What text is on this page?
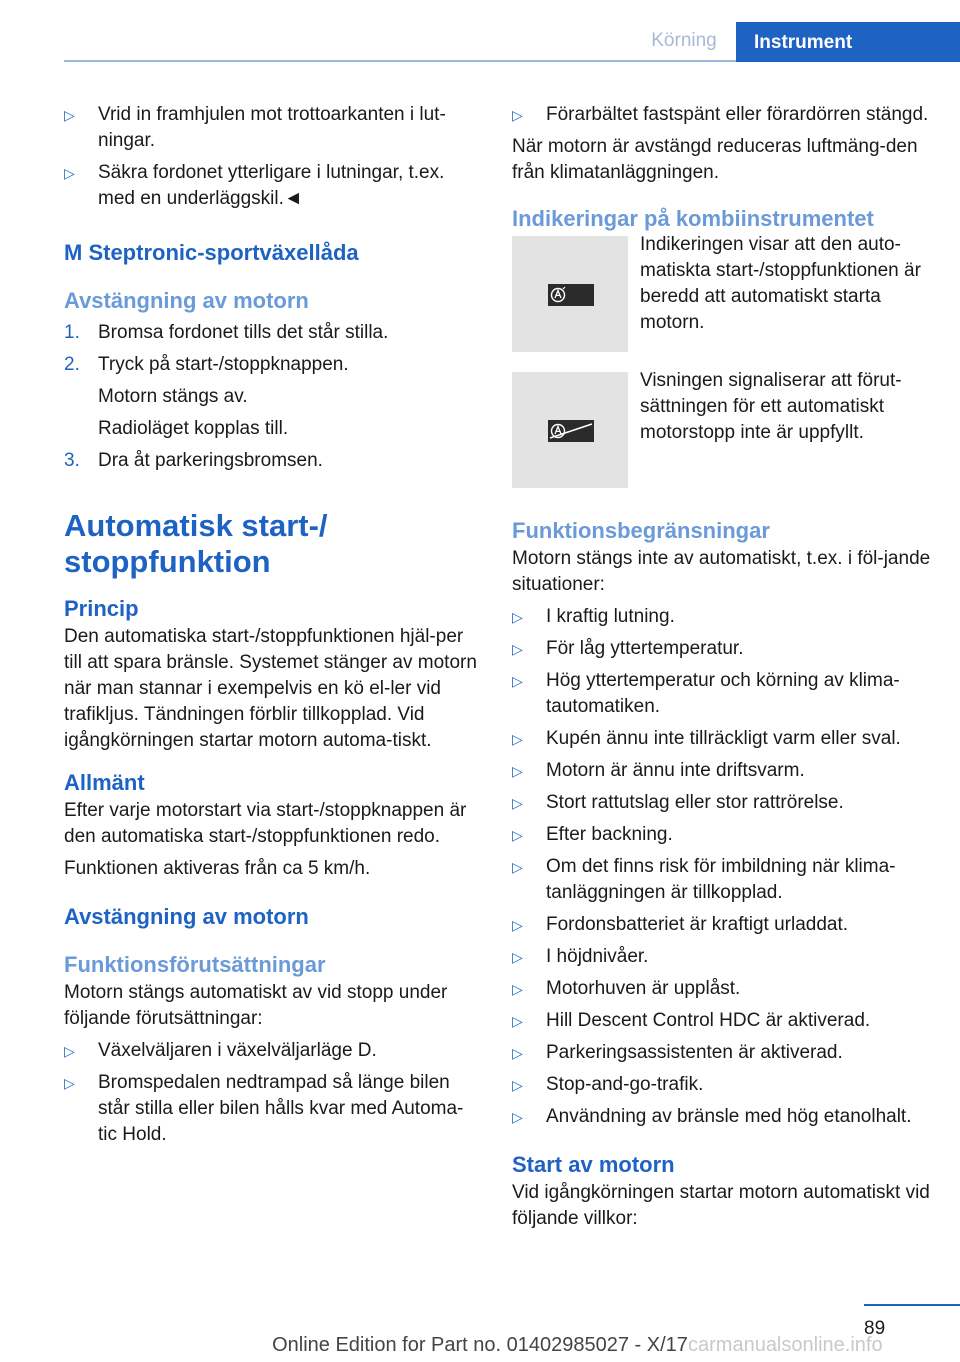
Körning	Instrument
▷ Vrid in framhjulen mot trottoarkanten i lut-ningar.
▷ Säkra fordonet ytterligare i lutningar, t.ex. med en underläggskil.◄
M Steptronic-sportväxellåda
Avstängning av motorn
1. Bromsa fordonet tills det står stilla.
2. Tryck på start-/stoppknappen.

Motorn stängs av.

Radioläget kopplas till.

3. Dra åt parkeringsbromsen.
Automatisk start-/ stoppfunktion
Princip

Den automatiska start-/stoppfunktionen hjäl-per till att spara bränsle. Systemet stänger av motorn när man stannar i exempelvis en kö el-ler vid trafikljus. Tändningen förblir tillkopplad. Vid igångkörningen startar motorn automa-tiskt.

Allmänt

Efter varje motorstart via start-/stoppknappen är den automatiska start-/stoppfunktionen redo.

Funktionen aktiveras från ca 5 km/h.

Avstängning av motorn
Funktionsförutsättningar

Motorn stängs automatiskt av vid stopp under följande förutsättningar:

▷ Växelväljaren i växelväljarläge D.
▷ Bromspedalen nedtrampad så länge bilen står stilla eller bilen hålls kvar med Automa-tic Hold.
▷ Förarbältet fastspänt eller förardörren stängd.

När motorn är avstängd reduceras luftmäng-den från klimatanläggningen.

Indikeringar på kombiinstrumentet

Indikeringen visar att den auto-matiskta start-/stoppfunktionen är beredd att automatiskt starta motorn.

Visningen signaliserar att förut-sättningen för ett automatiskt motorstopp inte är uppfyllt.

Funktionsbegränsningar

Motorn stängs inte av automatiskt, t.ex. i föl-jande situationer:

▷ I kraftig lutning.
▷ För låg yttertemperatur.
▷ Hög yttertemperatur och körning av klima-tautomatiken.
▷ Kupén ännu inte tillräckligt varm eller sval.
▷ Motorn är ännu inte driftsvarm.
▷ Stort rattutslag eller stor rattrörelse.
▷ Efter backning.
▷ Om det finns risk för imbildning när klima-tanläggningen är tillkopplad.
▷ Fordonsbatteriet är kraftigt urladdat.
▷ I höjdnivåer.
▷ Motorhuven är upplåst.
▷ Hill Descent Control HDC är aktiverad.
▷ Parkeringsassistenten är aktiverad.
▷ Stop-and-go-trafik.
▷ Användning av bränsle med hög etanolhalt.
Start av motorn

Vid igångkörningen startar motorn automatiskt vid följande villkor:

89
Online Edition for Part no. 01402985027 - X/17 carmanualsonline.info
